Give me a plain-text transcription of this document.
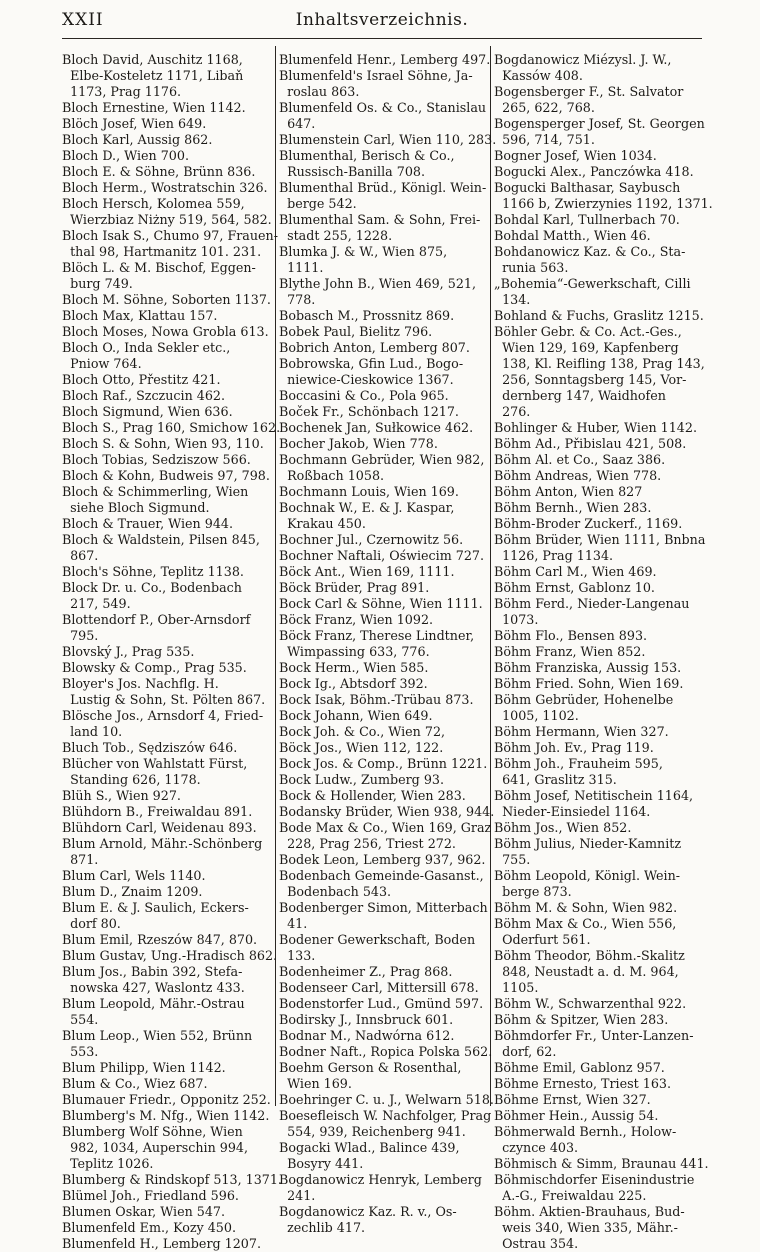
XXII	Inhaltsverzeichnis.
Bloch David, Auschitz 1168,
Elbe-Kosteletz 1171, Libaň
1173, Prag 1176.
Bloch Ernestine, Wien 1142.
Blöch Josef, Wien 649.
Bloch Karl, Aussig 862.
Bloch D., Wien 700.
Bloch E. & Söhne, Brünn 836.
Bloch Herm., Wostratschin 326.
Bloch Hersch, Kolomea 559,
Wierzbiaz Niżny 519, 564, 582.
Bloch Isak S., Chumo 97, Frauen-
thal 98, Hartmanitz 101. 231.
Blöch L. & M. Bischof, Eggen-
burg 749.
Bloch M. Söhne, Soborten 1137.
Bloch Max, Klattau 157.
Bloch Moses, Nowa Grobla 613.
Bloch O., Inda Sekler etc.,
Pniow 764.
Bloch Otto, Přestitz 421.
Bloch Raf., Szczucin 462.
Bloch Sigmund, Wien 636.
Bloch S., Prag 160, Smichow 162.
Bloch S. & Sohn, Wien 93, 110.
Bloch Tobias, Sedziszow 566.
Bloch & Kohn, Budweis 97, 798.
Bloch & Schimmerling, Wien
siehe Bloch Sigmund.
Bloch & Trauer, Wien 944.
Bloch & Waldstein, Pilsen 845,
867.
Bloch's Söhne, Teplitz 1138.
Block Dr. u. Co., Bodenbach
217, 549.
Blottendorf P., Ober-Arnsdorf
795.
Blovský J., Prag 535.
Blowsky & Comp., Prag 535.
Bloyer's Jos. Nachflg. H.
Lustig & Sohn, St. Pölten 867.
Blösche Jos., Arnsdorf 4, Fried-
land 10.
Bluch Tob., Sędziszów 646.
Blücher von Wahlstatt Fürst,
Standing 626, 1178.
Blüh S., Wien 927.
Blühdorn B., Freiwaldau 891.
Blühdorn Carl, Weidenau 893.
Blum Arnold, Mähr.-Schönberg
871.
Blum Carl, Wels 1140.
Blum D., Znaim 1209.
Blum E. & J. Saulich, Eckers-
dorf 80.
Blum Emil, Rzeszów 847, 870.
Blum Gustav, Ung.-Hradisch 862.
Blum Jos., Babin 392, Stefa-
nowska 427, Waslontz 433.
Blum Leopold, Mähr.-Ostrau
554.
Blum Leop., Wien 552, Brünn
553.
Blum Philipp, Wien 1142.
Blum & Co., Wiez 687.
Blumauer Friedr., Opponitz 252.
Blumberg's M. Nfg., Wien 1142.
Blumberg Wolf Söhne, Wien
982, 1034, Auperschin 994,
Teplitz 1026.
Blumberg & Rindskopf 513, 1371.
Blümel Joh., Friedland 596.
Blumen Oskar, Wien 547.
Blumenfeld Em., Kozy 450.
Blumenfeld H., Lemberg 1207.
Blumenfeld Henr., Lemberg 497.
Blumenfeld's Israel Söhne, Ja-
roslau 863.
Blumenfeld Os. & Co., Stanislau
647.
Blumenstein Carl, Wien 110, 283.
Blumenthal, Berisch & Co.,
Russisch-Banilla 708.
Blumenthal Brüd., Königl. Wein-
berge 542.
Blumenthal Sam. & Sohn, Frei-
stadt 255, 1228.
Blumka J. & W., Wien 875,
1111.
Blythe John B., Wien 469, 521,
778.
Bobasch M., Prossnitz 869.
Bobek Paul, Bielitz 796.
Bobrich Anton, Lemberg 807.
Bobrowska, Gfin Lud., Bogo-
niewice-Cieskowice 1367.
Boccasini & Co., Pola 965.
Boček Fr., Schönbach 1217.
Bochenek Jan, Sułkowice 462.
Bocher Jakob, Wien 778.
Bochmann Gebrüder, Wien 982,
Roßbach 1058.
Bochmann Louis, Wien 169.
Bochnak W., E. & J. Kaspar,
Krakau 450.
Bochner Jul., Czernowitz 56.
Bochner Naftali, Oświecim 727.
Böck Ant., Wien 169, 1111.
Böck Brüder, Prag 891.
Bock Carl & Söhne, Wien 1111.
Böck Franz, Wien 1092.
Böck Franz, Therese Lindtner,
Wimpassing 633, 776.
Bock Herm., Wien 585.
Bock Ig., Abtsdorf 392.
Bock Isak, Böhm.-Trübau 873.
Bock Johann, Wien 649.
Bock Joh. & Co., Wien 72,
Böck Jos., Wien 112, 122.
Bock Jos. & Comp., Brünn 1221.
Bock Ludw., Zumberg 93.
Bock & Hollender, Wien 283.
Bodansky Brüder, Wien 938, 944.
Bode Max & Co., Wien 169, Graz
228, Prag 256, Triest 272.
Bodek Leon, Lemberg 937, 962.
Bodenbach Gemeinde-Gasanst.,
Bodenbach 543.
Bodenberger Simon, Mitterbach
41.
Bodener Gewerkschaft, Boden
133.
Bodenheimer Z., Prag 868.
Bodenseer Carl, Mittersill 678.
Bodenstorfer Lud., Gmünd 597.
Bodirsky J., Innsbruck 601.
Bodnar M., Nadwórna 612.
Bodner Naft., Ropica Polska 562.
Boehm Gerson & Rosenthal,
Wien 169.
Boehringer C. u. J., Welwarn 518.
Boesefleisch W. Nachfolger, Prag
554, 939, Reichenberg 941.
Bogacki Wlad., Balince 439,
Bosyry 441.
Bogdanowicz Henryk, Lemberg
241.
Bogdanowicz Kaz. R. v., Os-
zechlib 417.
Bogdanowicz Miézysl. J. W.,
Kassów 408.
Bogensberger F., St. Salvator
265, 622, 768.
Bogensperger Josef, St. Georgen
596, 714, 751.
Bogner Josef, Wien 1034.
Bogucki Alex., Panczówka 418.
Bogucki Balthasar, Saybusch
1166 b, Zwierzynies 1192, 1371.
Bohdal Karl, Tullnerbach 70.
Bohdal Matth., Wien 46.
Bohdanowicz Kaz. & Co., Sta-
runia 563.
„Bohemia“-Gewerkschaft, Cilli
134.
Bohland & Fuchs, Graslitz 1215.
Böhler Gebr. & Co. Act.-Ges.,
Wien 129, 169, Kapfenberg
138, Kl. Reifling 138, Prag 143,
256, Sonntagsberg 145, Vor-
dernberg 147, Waidhofen
276.
Bohlinger & Huber, Wien 1142.
Böhm Ad., Přibislau 421, 508.
Böhm Al. et Co., Saaz 386.
Böhm Andreas, Wien 778.
Böhm Anton, Wien 827
Böhm Bernh., Wien 283.
Böhm-Broder Zuckerf., 1169.
Böhm Brüder, Wien 1111, Bnbna
1126, Prag 1134.
Böhm Carl M., Wien 469.
Böhm Ernst, Gablonz 10.
Böhm Ferd., Nieder-Langenau
1073.
Böhm Flo., Bensen 893.
Böhm Franz, Wien 852.
Böhm Franziska, Aussig 153.
Böhm Fried. Sohn, Wien 169.
Böhm Gebrüder, Hohenelbe
1005, 1102.
Böhm Hermann, Wien 327.
Böhm Joh. Ev., Prag 119.
Böhm Joh., Frauheim 595,
641, Graslitz 315.
Böhm Josef, Netitischein 1164,
Nieder-Einsiedel 1164.
Böhm Jos., Wien 852.
Böhm Julius, Nieder-Kamnitz
755.
Böhm Leopold, Königl. Wein-
berge 873.
Böhm M. & Sohn, Wien 982.
Böhm Max & Co., Wien 556,
Oderfurt 561.
Böhm Theodor, Böhm.-Skalitz
848, Neustadt a. d. M. 964,
1105.
Böhm W., Schwarzenthal 922.
Böhm & Spitzer, Wien 283.
Böhmdorfer Fr., Unter-Lanzen-
dorf, 62.
Böhme Emil, Gablonz 957.
Böhme Ernesto, Triest 163.
Böhme Ernst, Wien 327.
Böhmer Hein., Aussig 54.
Böhmerwald Bernh., Holow-
czynce 403.
Böhmisch & Simm, Braunau 441.
Böhmischdorfer Eisenindustrie
A.-G., Freiwaldau 225.
Böhm. Aktien-Brauhaus, Bud-
weis 340, Wien 335, Mähr.-
Ostrau 354.
